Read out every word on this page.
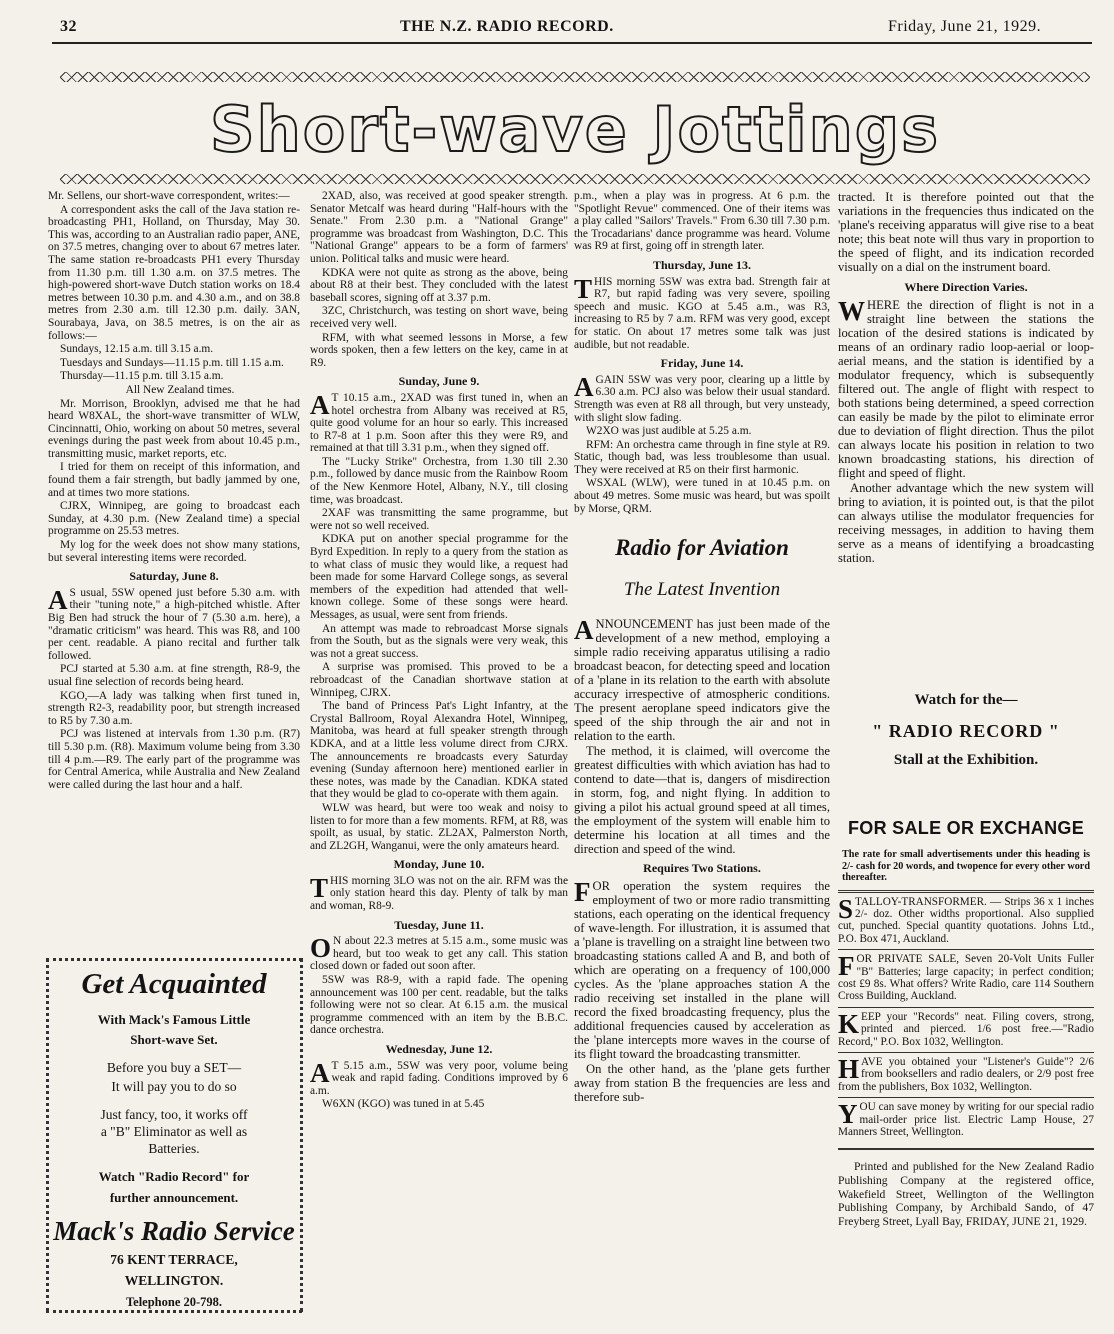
32	THE N.Z. RADIO RECORD.	Friday, June 21, 1929.
Short-wave Jottings

Mr. Sellens, our short-wave correspondent, writes:—

A correspondent asks the call of the Java station re-broadcasting PH1, Holland, on Thursday, May 30. This was, according to an Australian radio paper, ANE, on 37.5 metres, changing over to about 67 metres later. The same station re-broadcasts PH1 every Thursday from 11.30 p.m. till 1.30 a.m. on 37.5 metres. The high-powered short-wave Dutch station works on 18.4 metres between 10.30 p.m. and 4.30 a.m., and on 38.8 metres from 2.30 a.m. till 12.30 p.m. daily. 3AN, Sourabaya, Java, on 38.5 metres, is on the air as follows:—

Sundays, 12.15 a.m. till 3.15 a.m.

Tuesdays and Sundays—11.15 p.m. till 1.15 a.m.

Thursday—11.15 p.m. till 3.15 a.m.

All New Zealand times.

Mr. Morrison, Brooklyn, advised me that he had heard W8XAL, the short-wave transmitter of WLW, Cincinnatti, Ohio, working on about 50 metres, several evenings during the past week from about 10.45 p.m., transmitting music, market reports, etc.

I tried for them on receipt of this information, and found them a fair strength, but badly jammed by one, and at times two more stations.

CJRX, Winnipeg, are going to broadcast each Sunday, at 4.30 p.m. (New Zealand time) a special programme on 25.53 metres.

My log for the week does not show many stations, but several interesting items were recorded.

Saturday, June 8.

A S usual, 5SW opened just before 5.30 a.m. with their "tuning note," a high-pitched whistle. After Big Ben had struck the hour of 7 (5.30 a.m. here), a "dramatic criticism" was heard. This was R8, and 100 per cent. readable. A piano recital and further talk followed.

PCJ started at 5.30 a.m. at fine strength, R8-9, the usual fine selection of records being heard.

KGO,—A lady was talking when first tuned in, strength R2-3, readability poor, but strength increased to R5 by 7.30 a.m.

PCJ was listened at intervals from 1.30 p.m. (R7) till 5.30 p.m. (R8). Maximum volume being from 3.30 till 4 p.m.—R9. The early part of the programme was for Central America, while Australia and New Zealand were called during the last hour and a half.

Get Acquainted
With Mack's Famous Little
Short-wave Set.
Before you buy a SET—
It will pay you to do so
Just fancy, too, it works off
a "B" Eliminator as well as
Batteries.
Watch "Radio Record" for
further announcement.
Mack's Radio Service
76 KENT TERRACE,
WELLINGTON.
Telephone 20-798.

2XAD, also, was received at good speaker strength. Senator Metcalf was heard during "Half-hours with the Senate." From 2.30 p.m. a "National Grange" programme was broadcast from Washington, D.C. This "National Grange" appears to be a form of farmers' union. Political talks and music were heard.

KDKA were not quite as strong as the above, being about R8 at their best. They concluded with the latest baseball scores, signing off at 3.37 p.m.

3ZC, Christchurch, was testing on short wave, being received very well.

RFM, with what seemed lessons in Morse, a few words spoken, then a few letters on the key, came in at R9.

Sunday, June 9.

A T 10.15 a.m., 2XAD was first tuned in, when an hotel orchestra from Albany was received at R5, quite good volume for an hour so early. This increased to R7-8 at 1 p.m. Soon after this they were R9, and remained at that till 3.31 p.m., when they signed off.

The "Lucky Strike" Orchestra, from 1.30 till 2.30 p.m., followed by dance music from the Rainbow Room of the New Kenmore Hotel, Albany, N.Y., till closing time, was broadcast.

2XAF was transmitting the same programme, but were not so well received.

KDKA put on another special programme for the Byrd Expedition. In reply to a query from the station as to what class of music they would like, a request had been made for some Harvard College songs, as several members of the expedition had attended that well-known college. Some of these songs were heard. Messages, as usual, were sent from friends.

An attempt was made to rebroadcast Morse signals from the South, but as the signals were very weak, this was not a great success.

A surprise was promised. This proved to be a rebroadcast of the Canadian shortwave station at Winnipeg, CJRX.

The band of Princess Pat's Light Infantry, at the Crystal Ballroom, Royal Alexandra Hotel, Winnipeg, Manitoba, was heard at full speaker strength through KDKA, and at a little less volume direct from CJRX. The announcements re broadcasts every Saturday evening (Sunday afternoon here) mentioned earlier in these notes, was made by the Canadian. KDKA stated that they would be glad to co-operate with them again.

WLW was heard, but were too weak and noisy to listen to for more than a few moments. RFM, at R8, was spoilt, as usual, by static. ZL2AX, Palmerston North, and ZL2GH, Wanganui, were the only amateurs heard.

Monday, June 10.

THIS morning 3LO was not on the air. RFM was the only station heard this day. Plenty of talk by man and woman, R8-9.

Tuesday, June 11.

O N about 22.3 metres at 5.15 a.m., some music was heard, but too weak to get any call. This station closed down or faded out soon after.

5SW was R8-9, with a rapid fade. The opening announcement was 100 per cent. readable, but the talks following were not so clear. At 6.15 a.m. the musical programme commenced with an item by the B.B.C. dance orchestra.

Wednesday, June 12.

A T 5.15 a.m., 5SW was very poor, volume being weak and rapid fading. Conditions improved by 6 a.m.

W6XN (KGO) was tuned in at 5.45

p.m., when a play was in progress. At 6 p.m. the "Spotlight Revue" commenced. One of their items was a play called "Sailors' Travels." From 6.30 till 7.30 p.m. the Trocadarians' dance programme was heard. Volume was R9 at first, going off in strength later.

Thursday, June 13.

THIS morning 5SW was extra bad. Strength fair at R7, but rapid fading was very severe, spoiling speech and music. KGO at 5.45 a.m., was R3, increasing to R5 by 7 a.m. RFM was very good, except for static. On about 17 metres some talk was just audible, but not readable.

Friday, June 14.

AGAIN 5SW was very poor, clearing up a little by 6.30 a.m. PCJ also was below their usual standard. Strength was even at R8 all through, but very unsteady, with slight slow fading.

W2XO was just audible at 5.25 a.m.

RFM: An orchestra came through in fine style at R9. Static, though bad, was less troublesome than usual. They were received at R5 on their first harmonic.

WSXAL (WLW), were tuned in at 10.45 p.m. on about 49 metres. Some music was heard, but was spoilt by Morse, QRM.

Radio for Aviation
The Latest Invention

ANNOUNCEMENT has just been made of the development of a new method, employing a simple radio receiving apparatus utilising a radio broadcast beacon, for detecting speed and location of a 'plane in its relation to the earth with absolute accuracy irrespective of atmospheric conditions. The present aeroplane speed indicators give the speed of the ship through the air and not in relation to the earth.

The method, it is claimed, will overcome the greatest difficulties with which aviation has had to contend to date—that is, dangers of misdirection in storm, fog, and night flying. In addition to giving a pilot his actual ground speed at all times, the employment of the system will enable him to determine his location at all times and the direction and speed of the wind.

Requires Two Stations.

FOR operation the system requires the employment of two or more radio transmitting stations, each operating on the identical frequency of wave-length. For illustration, it is assumed that a 'plane is travelling on a straight line between two broadcasting stations called A and B, and both of which are operating on a frequency of 100,000 cycles. As the 'plane approaches station A the radio receiving set installed in the plane will record the fixed broadcasting frequency, plus the additional frequencies caused by acceleration as the 'plane intercepts more waves in the course of its flight toward the broadcasting transmitter.

On the other hand, as the 'plane gets further away from station B the frequencies are less and therefore sub-

tracted. It is therefore pointed out that the variations in the frequencies thus indicated on the 'plane's receiving apparatus will give rise to a beat note; this beat note will thus vary in proportion to the speed of flight, and its indication recorded visually on a dial on the instrument board.

Where Direction Varies.

WHERE the direction of flight is not in a straight line between the stations the location of the desired stations is indicated by means of an ordinary radio loop-aerial or loop-aerial means, and the station is identified by a modulator frequency, which is subsequently filtered out. The angle of flight with respect to both stations being determined, a speed correction can easily be made by the pilot to eliminate error due to deviation of flight direction. Thus the pilot can always locate his position in relation to two known broadcasting stations, his direction of flight and speed of flight.

Another advantage which the new system will bring to aviation, it is pointed out, is that the pilot can always utilise the modulator frequencies for receiving messages, in addition to having them serve as a means of identifying a broadcasting station.

Watch for the—
" RADIO RECORD "
Stall at the Exhibition.
FOR SALE OR EXCHANGE
The rate for small advertisements under this heading is 2/- cash for 20 words, and twopence for every other word thereafter.

STALLOY-TRANSFORMER. — Strips 36 x 1 inches 2/- doz. Other widths proportional. Also supplied cut, punched. Special quantity quotations. Johns Ltd., P.O. Box 471, Auckland.

FOR PRIVATE SALE, Seven 20-Volt Units Fuller "B" Batteries; large capacity; in perfect condition; cost £9 8s. What offers? Write Radio, care 114 Southern Cross Building, Auckland.

KEEP your "Records" neat. Filing covers, strong, printed and pierced. 1/6 post free.—"Radio Record," P.O. Box 1032, Wellington.

HAVE you obtained your "Listener's Guide"? 2/6 from booksellers and radio dealers, or 2/9 post free from the publishers, Box 1032, Wellington.

YOU can save money by writing for our special radio mail-order price list. Electric Lamp House, 27 Manners Street, Wellington.

Printed and published for the New Zealand Radio Publishing Company at the registered office, Wakefield Street, Wellington of the Wellington Publishing Company, by Archibald Sando, of 47 Freyberg Street, Lyall Bay, FRIDAY, JUNE 21, 1929.
